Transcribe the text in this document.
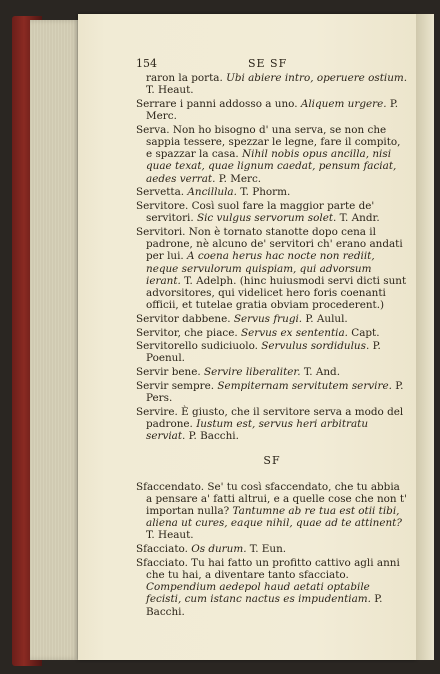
154	SE SF

raron la porta. Ubi abiere intro, operuere ostium. T. Heaut.

Serrare i panni addosso a uno. Aliquem urgere. P. Merc.

Serva. Non ho bisogno d' una serva, se non che sappia tessere, spezzar le legne, fare il compito, e spazzar la casa. Nihil nobis opus ancilla, nisi quae texat, quae lignum caedat, pensum faciat, aedes verrat. P. Merc.

Servetta. Ancillula. T. Phorm.

Servitore. Così suol fare la maggior parte de' servitori. Sic vulgus servorum solet. T. Andr.

Servitori. Non è tornato stanotte dopo cena il padrone, nè alcuno de' servitori ch' erano andati per lui. A coena herus hac nocte non rediit, neque servulorum quispiam, qui advorsum ierant. T. Adelph. (hinc huiusmodi servi dicti sunt advorsitores, qui videlicet hero foris coenanti officii, et tutelae gratia obviam procederent.)

Servitor dabbene. Servus frugi. P. Aulul.

Servitor, che piace. Servus ex sententia. Capt.

Servitorello sudiciuolo. Servulus sordidulus. P. Poenul.

Servir bene. Servire liberaliter. T. And.

Servir sempre. Sempiternam servitutem servire. P. Pers.

Servire. È giusto, che il servitore serva a modo del padrone. Iustum est, servus heri arbitratu serviat. P. Bacchi.

SF

Sfaccendato. Se' tu così sfaccendato, che tu abbia a pensare a' fatti altrui, e a quelle cose che non t' importan nulla? Tantumne ab re tua est otii tibi, aliena ut cures, eaque nihil, quae ad te attinent? T. Heaut.

Sfacciato. Os durum. T. Eun.

Sfacciato. Tu hai fatto un profitto cattivo agli anni che tu hai, a diventare tanto sfacciato. Compendium aedepol haud aetati optabile fecisti, cum istanc nactus es impudentiam. P. Bacchi.
